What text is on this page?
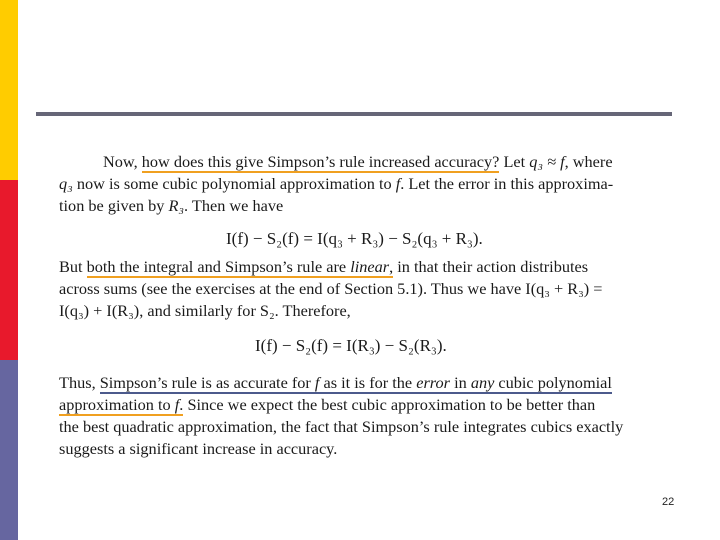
Now, how does this give Simpson’s rule increased accuracy? Let q₃ ≈ f, where
q₃ now is some cubic polynomial approximation to f. Let the error in this approxima-
tion be given by R₃. Then we have
I(f) − S₂(f) = I(q₃ + R₃) − S₂(q₃ + R₃).
But both the integral and Simpson’s rule are linear, in that their action distributes
across sums (see the exercises at the end of Section 5.1). Thus we have I(q₃ + R₃) =
I(q₃) + I(R₃), and similarly for S₂. Therefore,
I(f) − S₂(f) = I(R₃) − S₂(R₃).
Thus, Simpson’s rule is as accurate for f as it is for the error in any cubic polynomial
approximation to f. Since we expect the best cubic approximation to be better than
the best quadratic approximation, the fact that Simpson’s rule integrates cubics exactly
suggests a significant increase in accuracy.
22
